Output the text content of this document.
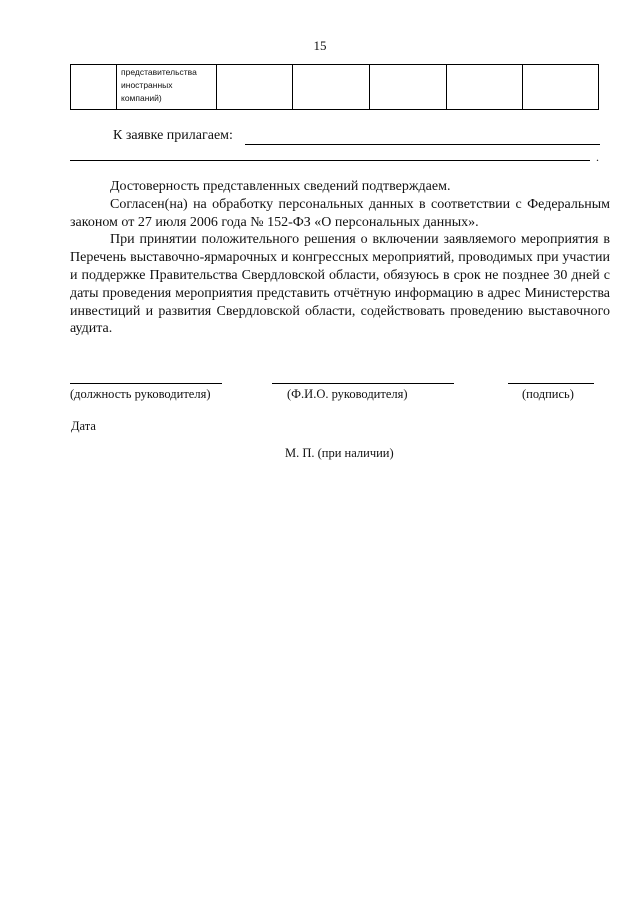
15

представительства
иностранных
компаний)

К заявке прилагаем:
.

Достоверность представленных сведений подтверждаем.

Согласен(на) на обработку персональных данных в соответствии с Федеральным законом от 27 июля 2006 года № 152-ФЗ «О персональных данных».

При принятии положительного решения о включении заявляемого мероприятия в Перечень выставочно-ярмарочных и конгрессных мероприятий, проводимых при участии и поддержке Правительства Свердловской области, обязуюсь в срок не позднее 30 дней с даты проведения мероприятия представить отчётную информацию в адрес Министерства инвестиций и развития Свердловской области, содействовать проведению выставочного аудита.

(должность руководителя)	(Ф.И.О. руководителя)	(подпись)
Дата
М. П. (при наличии)
